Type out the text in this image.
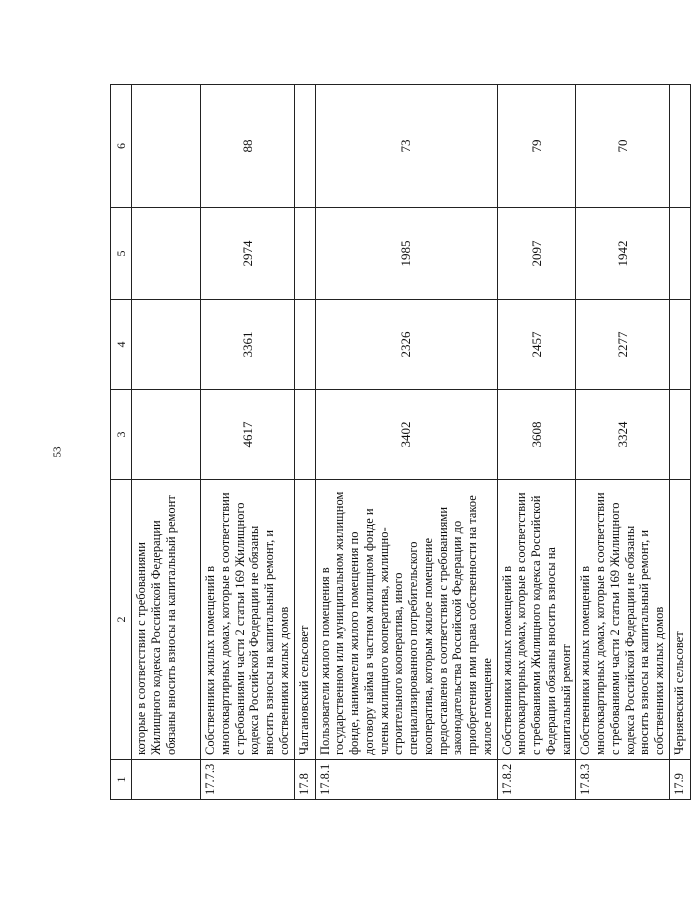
53
1	2	3	4	5	6
	которые в соответствии с требованиями Жилищного кодекса Российской Федерации обязаны вносить взносы на капитальный ремонт				
17.7.3	Собственники жилых помещений в многоквартирных домах, которые в соответствии с требованиями части 2 статьи 169 Жилищного кодекса Российской Федерации не обязаны вносить взносы на капитальный ремонт, и собственники жилых домов	4617	3361	2974	88
17.8	Чалгановский сельсовет				
17.8.1	Пользователи жилого помещения в государственном или муниципальном жилищном фонде, наниматели жилого помещения по договору найма в частном жилищном фонде и члены жилищного кооператива, жилищно-строительного кооператива, иного специализированного потребительского кооператива, которым жилое помещение предоставлено в соответствии с требованиями законодательства Российской Федерации до приобретения ими права собственности на такое жилое помещение	3402	2326	1985	73
17.8.2	Собственники жилых помещений в многоквартирных домах, которые в соответствии с требованиями Жилищного кодекса Российской Федерации обязаны вносить взносы на капитальный ремонт	3608	2457	2097	79
17.8.3	Собственники жилых помещений в многоквартирных домах, которые в соответствии с требованиями части 2 статьи 169 Жилищного кодекса Российской Федерации не обязаны вносить взносы на капитальный ремонт, и собственники жилых домов	3324	2277	1942	70
17.9	Черняевский сельсовет				
